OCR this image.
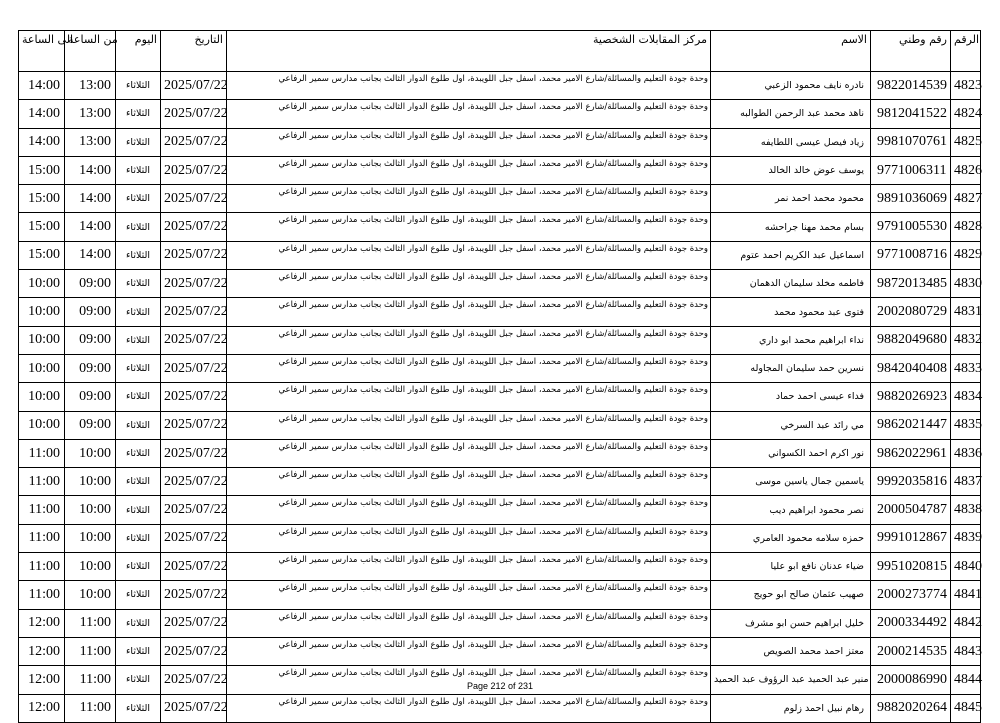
الى الساعة	من الساعة	اليوم	التاريخ	مركز المقابلات الشخصية	الاسم	رقم وطني	الرقم
14:00	13:00	الثلاثاء	2025/07/22	وحدة جودة التعليم والمسائلة/شارع الامير محمد، اسفل جبل اللويبدة، اول طلوع الدوار الثالث بجانب مدارس سمير الرفاعي	نادره نايف محمود الزعبي	9822014539	4823
14:00	13:00	الثلاثاء	2025/07/22	وحدة جودة التعليم والمسائلة/شارع الامير محمد، اسفل جبل اللويبدة، اول طلوع الدوار الثالث بجانب مدارس سمير الرفاعي	ناهد محمد عبد الرحمن الطوالبه	9812041522	4824
14:00	13:00	الثلاثاء	2025/07/22	وحدة جودة التعليم والمسائلة/شارع الامير محمد، اسفل جبل اللويبدة، اول طلوع الدوار الثالث بجانب مدارس سمير الرفاعي	زياد فيصل عيسى اللطايفه	9981070761	4825
15:00	14:00	الثلاثاء	2025/07/22	وحدة جودة التعليم والمسائلة/شارع الامير محمد، اسفل جبل اللويبدة، اول طلوع الدوار الثالث بجانب مدارس سمير الرفاعي	يوسف عوض خالد الخالد	9771006311	4826
15:00	14:00	الثلاثاء	2025/07/22	وحدة جودة التعليم والمسائلة/شارع الامير محمد، اسفل جبل اللويبدة، اول طلوع الدوار الثالث بجانب مدارس سمير الرفاعي	محمود محمد احمد نمر	9891036069	4827
15:00	14:00	الثلاثاء	2025/07/22	وحدة جودة التعليم والمسائلة/شارع الامير محمد، اسفل جبل اللويبدة، اول طلوع الدوار الثالث بجانب مدارس سمير الرفاعي	بسام محمد مهنا جراحشه	9791005530	4828
15:00	14:00	الثلاثاء	2025/07/22	وحدة جودة التعليم والمسائلة/شارع الامير محمد، اسفل جبل اللويبدة، اول طلوع الدوار الثالث بجانب مدارس سمير الرفاعي	اسماعيل عبد الكريم احمد عتوم	9771008716	4829
10:00	09:00	الثلاثاء	2025/07/22	وحدة جودة التعليم والمسائلة/شارع الامير محمد، اسفل جبل اللويبدة، اول طلوع الدوار الثالث بجانب مدارس سمير الرفاعي	فاطمه مخلد سليمان الدهمان	9872013485	4830
10:00	09:00	الثلاثاء	2025/07/22	وحدة جودة التعليم والمسائلة/شارع الامير محمد، اسفل جبل اللويبدة، اول طلوع الدوار الثالث بجانب مدارس سمير الرفاعي	فتوى عبد محمود محمد	2002080729	4831
10:00	09:00	الثلاثاء	2025/07/22	وحدة جودة التعليم والمسائلة/شارع الامير محمد، اسفل جبل اللويبدة، اول طلوع الدوار الثالث بجانب مدارس سمير الرفاعي	نداء ابراهيم محمد ابو داري	9882049680	4832
10:00	09:00	الثلاثاء	2025/07/22	وحدة جودة التعليم والمسائلة/شارع الامير محمد، اسفل جبل اللويبدة، اول طلوع الدوار الثالث بجانب مدارس سمير الرفاعي	نسرين حمد سليمان المجاوله	9842040408	4833
10:00	09:00	الثلاثاء	2025/07/22	وحدة جودة التعليم والمسائلة/شارع الامير محمد، اسفل جبل اللويبدة، اول طلوع الدوار الثالث بجانب مدارس سمير الرفاعي	فداء عيسى احمد حماد	9882026923	4834
10:00	09:00	الثلاثاء	2025/07/22	وحدة جودة التعليم والمسائلة/شارع الامير محمد، اسفل جبل اللويبدة، اول طلوع الدوار الثالث بجانب مدارس سمير الرفاعي	مي رائد عبد السرخي	9862021447	4835
11:00	10:00	الثلاثاء	2025/07/22	وحدة جودة التعليم والمسائلة/شارع الامير محمد، اسفل جبل اللويبدة، اول طلوع الدوار الثالث بجانب مدارس سمير الرفاعي	نور اكرم احمد الكسواني	9862022961	4836
11:00	10:00	الثلاثاء	2025/07/22	وحدة جودة التعليم والمسائلة/شارع الامير محمد، اسفل جبل اللويبدة، اول طلوع الدوار الثالث بجانب مدارس سمير الرفاعي	ياسمين جمال ياسين موسى	9992035816	4837
11:00	10:00	الثلاثاء	2025/07/22	وحدة جودة التعليم والمسائلة/شارع الامير محمد، اسفل جبل اللويبدة، اول طلوع الدوار الثالث بجانب مدارس سمير الرفاعي	نصر محمود ابراهيم ديب	2000504787	4838
11:00	10:00	الثلاثاء	2025/07/22	وحدة جودة التعليم والمسائلة/شارع الامير محمد، اسفل جبل اللويبدة، اول طلوع الدوار الثالث بجانب مدارس سمير الرفاعي	حمزه سلامه محمود العامري	9991012867	4839
11:00	10:00	الثلاثاء	2025/07/22	وحدة جودة التعليم والمسائلة/شارع الامير محمد، اسفل جبل اللويبدة، اول طلوع الدوار الثالث بجانب مدارس سمير الرفاعي	ضياء عدنان نافع ابو عليا	9951020815	4840
11:00	10:00	الثلاثاء	2025/07/22	وحدة جودة التعليم والمسائلة/شارع الامير محمد، اسفل جبل اللويبدة، اول طلوع الدوار الثالث بجانب مدارس سمير الرفاعي	صهيب عثمان صالح ابو حويج	2000273774	4841
12:00	11:00	الثلاثاء	2025/07/22	وحدة جودة التعليم والمسائلة/شارع الامير محمد، اسفل جبل اللويبدة، اول طلوع الدوار الثالث بجانب مدارس سمير الرفاعي	خليل ابراهيم حسن ابو مشرف	2000334492	4842
12:00	11:00	الثلاثاء	2025/07/22	وحدة جودة التعليم والمسائلة/شارع الامير محمد، اسفل جبل اللويبدة، اول طلوع الدوار الثالث بجانب مدارس سمير الرفاعي	معتز احمد محمد الصويص	2000214535	4843
12:00	11:00	الثلاثاء	2025/07/22	وحدة جودة التعليم والمسائلة/شارع الامير محمد، اسفل جبل اللويبدة، اول طلوع الدوار الثالث بجانب مدارس سمير الرفاعي	منير عبد الحميد عبد الرؤوف عبد الحميد	2000086990	4844
12:00	11:00	الثلاثاء	2025/07/22	وحدة جودة التعليم والمسائلة/شارع الامير محمد، اسفل جبل اللويبدة، اول طلوع الدوار الثالث بجانب مدارس سمير الرفاعي	رهام نبيل احمد زلوم	9882020264	4845
Page 212 of 231
